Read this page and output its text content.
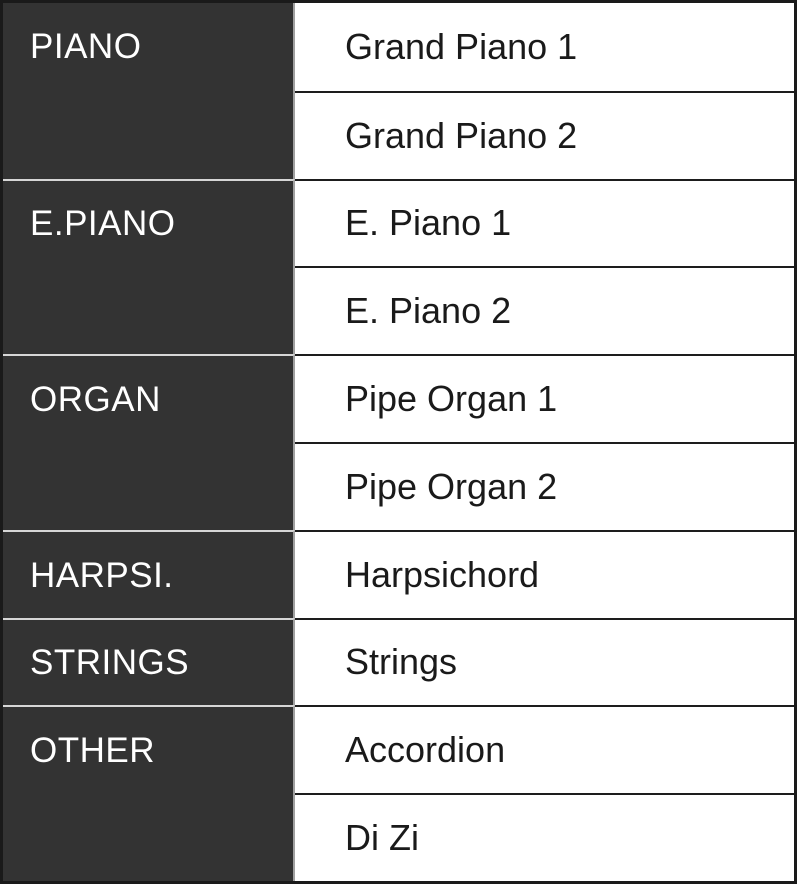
PIANO
E.PIANO
ORGAN
HARPSI.
STRINGS
OTHER
Grand Piano 1
Grand Piano 2
E. Piano 1
E. Piano 2
Pipe Organ 1
Pipe Organ 2
Harpsichord
Strings
Accordion
Di Zi
